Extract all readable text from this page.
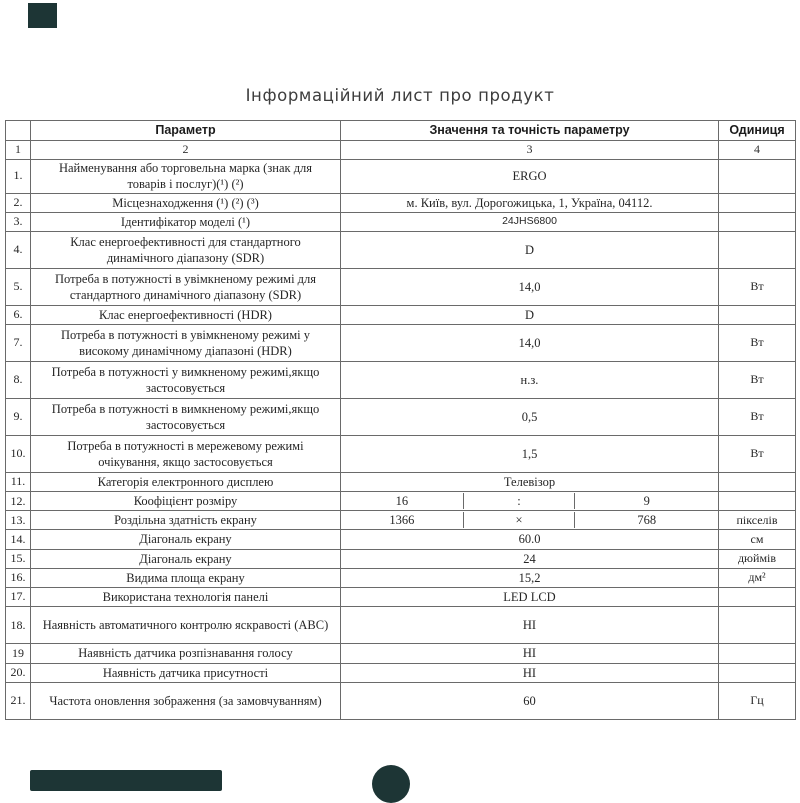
Інформаційний лист про продукт
	Параметр	Значення та точність параметру	Одиниця
1	2	3	4
1.	Найменування або торговельна марка (знак для товарів і послуг)(¹) (²)	ERGO	
2.	Місцезнаходження (¹) (²) (³)	м. Київ, вул. Дорогожицька, 1, Україна, 04112.	
3.	Ідентифікатор моделі (¹)	24JHS6800	
4.	Клас енергоефективності для стандартного динамічного діапазону (SDR)	D	
5.	Потреба в потужності в увімкненому режимі для стандартного динамічного діапазону (SDR)	14,0	Вт
6.	Клас енергоефективності (HDR)	D	
7.	Потреба в потужності в увімкненому режимі у високому динамічному діапазоні (HDR)	14,0	Вт
8.	Потреба в потужності у вимкненому режимі,якщо застосовується	н.з.	Вт
9.	Потреба в потужності в вимкненому режимі,якщо застосовується	0,5	Вт
10.	Потреба в потужності в мережевому режимі очікування, якщо застосовується	1,5	Вт
11.	Категорія електронного дисплею	Телевізор	
12.	Коофіцієнт розміру	16 : 9	

13.	Роздільна здатність екрану	1366 × 768	пікселів
14.	Діагональ екрану	60.0	см
15.	Діагональ екрану	24	дюймів
16.	Видима площа екрану	15,2	дм²
17.	Використана технологія панелі	LED LCD	
18.	Наявність автоматичного контролю яскравості (АВС)	НІ	
19	Наявність датчика розпізнавання голосу	НІ	
20.	Наявність датчика присутності	НІ	
21.	Частота оновлення зображення (за замовчуванням)	60	Гц
